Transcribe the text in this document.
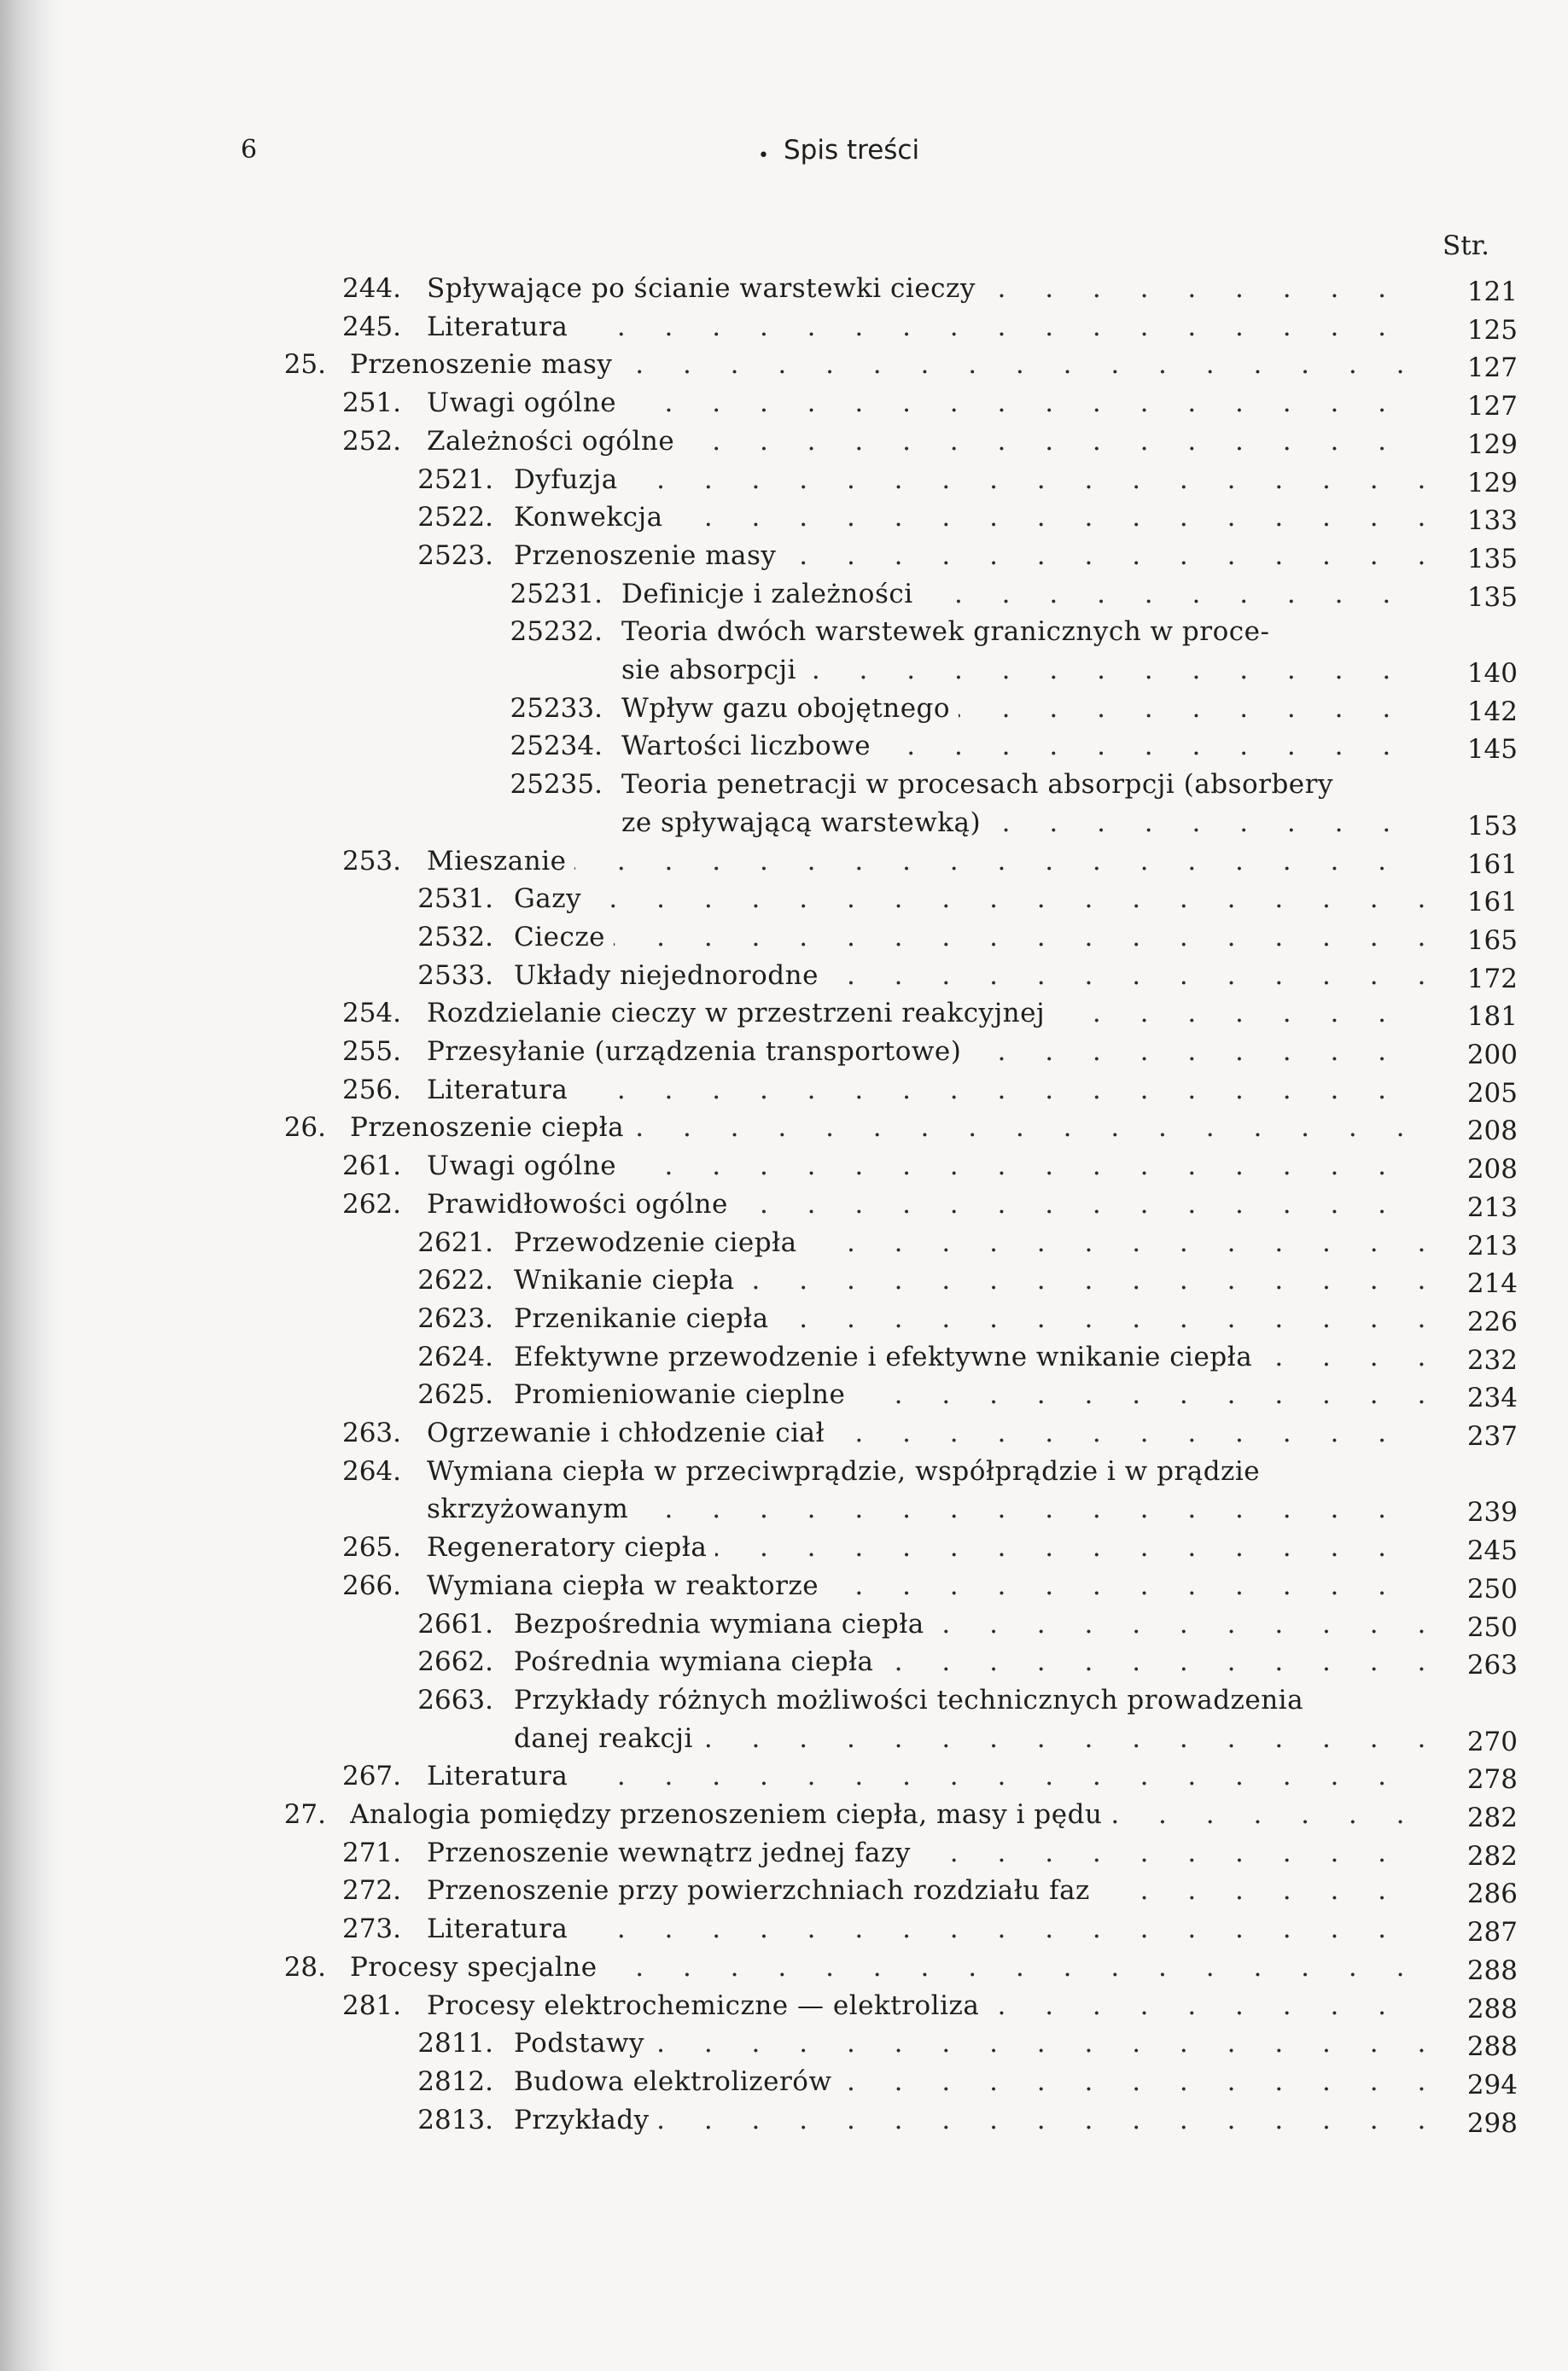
6	• Spis treści
Str.
244. . . . Spływające po ścianie warstewki cieczy	121
245. . . . Literatura	125
25. . . . Przenoszenie masy	127
251. . . . Uwagi ogólne	127
252. . . . Zależności ogólne	129
2521. . . . Dyfuzja	129
2522. . . . Konwekcja	133
2523. . . . Przenoszenie masy	135
25231. . . . Definicje i zależności	135
25232. Teoria dwóch warstewek granicznych w proce-
. . .
sie absorpcji	140
25233. . . . Wpływ gazu obojętnego	142
25234. . . . Wartości liczbowe	145
25235. Teoria penetracji w procesach absorpcji (absorbery
. . .
ze spływającą warstewką)	153
253. . . . Mieszanie	161
2531. . . . Gazy	161
2532. . . . Ciecze	165
2533. . . . Układy niejednorodne	172
254. . . . Rozdzielanie cieczy w przestrzeni reakcyjnej	181
255. . . . Przesyłanie (urządzenia transportowe)	200
256. . . . Literatura	205
26. . . . Przenoszenie ciepła	208
261. . . . Uwagi ogólne	208
262. . . . Prawidłowości ogólne	213
2621. . . . Przewodzenie ciepła	213
2622. . . . Wnikanie ciepła	214
2623. . . . Przenikanie ciepła	226
2624. . . . Efektywne przewodzenie i efektywne wnikanie ciepła	232
2625. . . . Promieniowanie cieplne	234
263. . . . Ogrzewanie i chłodzenie ciał	237
264. Wymiana ciepła w przeciwprądzie, współprądzie i w prądzie
. . .
skrzyżowanym	239
265. . . . Regeneratory ciepła	245
266. . . . Wymiana ciepła w reaktorze	250
2661. . . . Bezpośrednia wymiana ciepła	250
2662. . . . Pośrednia wymiana ciepła	263
2663. Przykłady różnych możliwości technicznych prowadzenia
. . .
danej reakcji	270
267. . . . Literatura	278
27. . . . Analogia pomiędzy przenoszeniem ciepła, masy i pędu	282
271. . . . Przenoszenie wewnątrz jednej fazy	282
272. . . . Przenoszenie przy powierzchniach rozdziału faz	286
273. . . . Literatura	287
28. . . . Procesy specjalne	288
281. . . . Procesy elektrochemiczne — elektroliza	288
2811. . . . Podstawy	288
2812. . . . Budowa elektrolizerów	294
2813. . . . Przykłady	298
